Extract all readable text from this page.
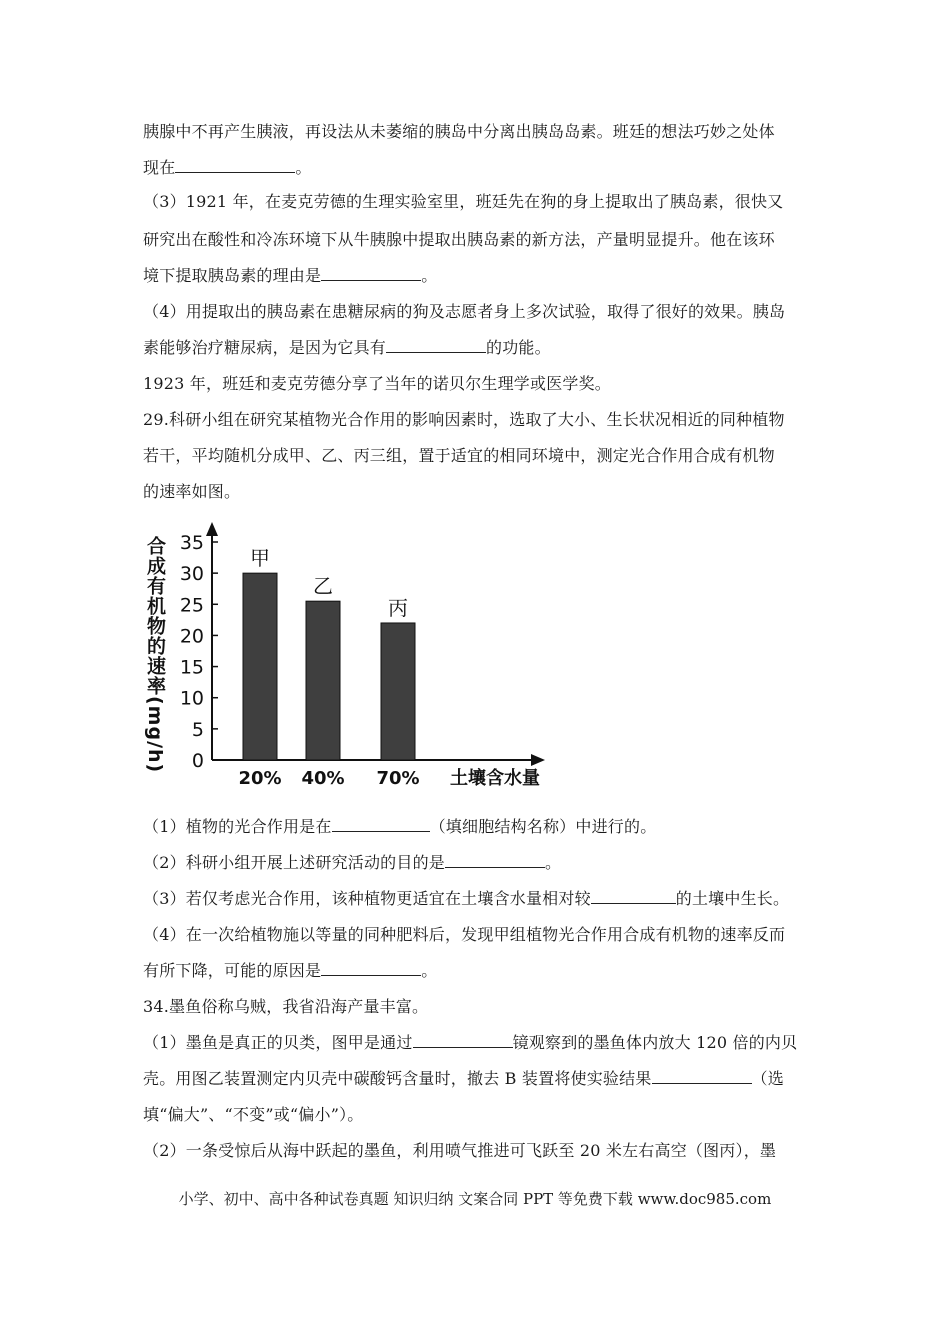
胰腺中不再产生胰液，再设法从未萎缩的胰岛中分离出胰岛岛素。班廷的想法巧妙之处体
现在	。
（3）1921 年，在麦克劳德的生理实验室里，班廷先在狗的身上提取出了胰岛素，很快又
研究出在酸性和冷冻环境下从牛胰腺中提取出胰岛素的新方法，产量明显提升。他在该环
境下提取胰岛素的理由是	。
（4）用提取出的胰岛素在患糖尿病的狗及志愿者身上多次试验，取得了很好的效果。胰岛
素能够治疗糖尿病，是因为它具有	的功能。
1923 年，班廷和麦克劳德分享了当年的诺贝尔生理学或医学奖。
29.科研小组在研究某植物光合作用的影响因素时，选取了大小、生长状况相近的同种植物
若干，平均随机分成甲、乙、丙三组，置于适宜的相同环境中，测定光合作用合成有机物
的速率如图。
（1）植物的光合作用是在	（填细胞结构名称）中进行的。
（2）科研小组开展上述研究活动的目的是	。
（3）若仅考虑光合作用，该种植物更适宜在土壤含水量相对较	的土壤中生长。
（4）在一次给植物施以等量的同种肥料后，发现甲组植物光合作用合成有机物的速率反而
有所下降，可能的原因是	。
34.墨鱼俗称乌贼，我省沿海产量丰富。
（1）墨鱼是真正的贝类，图甲是通过	镜观察到的墨鱼体内放大 120 倍的内贝
壳。用图乙装置测定内贝壳中碳酸钙含量时，撤去 B 装置将使实验结果	（选
填“偏大”、“不变”或“偏小”）。
（2）一条受惊后从海中跃起的墨鱼，利用喷气推进可飞跃至 20 米左右高空（图丙），墨
0
5
10
15
20
25
30
35
合成有机物的速率(mg/h)
土壤含水量
甲
20%
乙
40%
丙
70%
小学、初中、高中各种试卷真题 知识归纳 文案合同 PPT 等免费下载 www.doc985.com
